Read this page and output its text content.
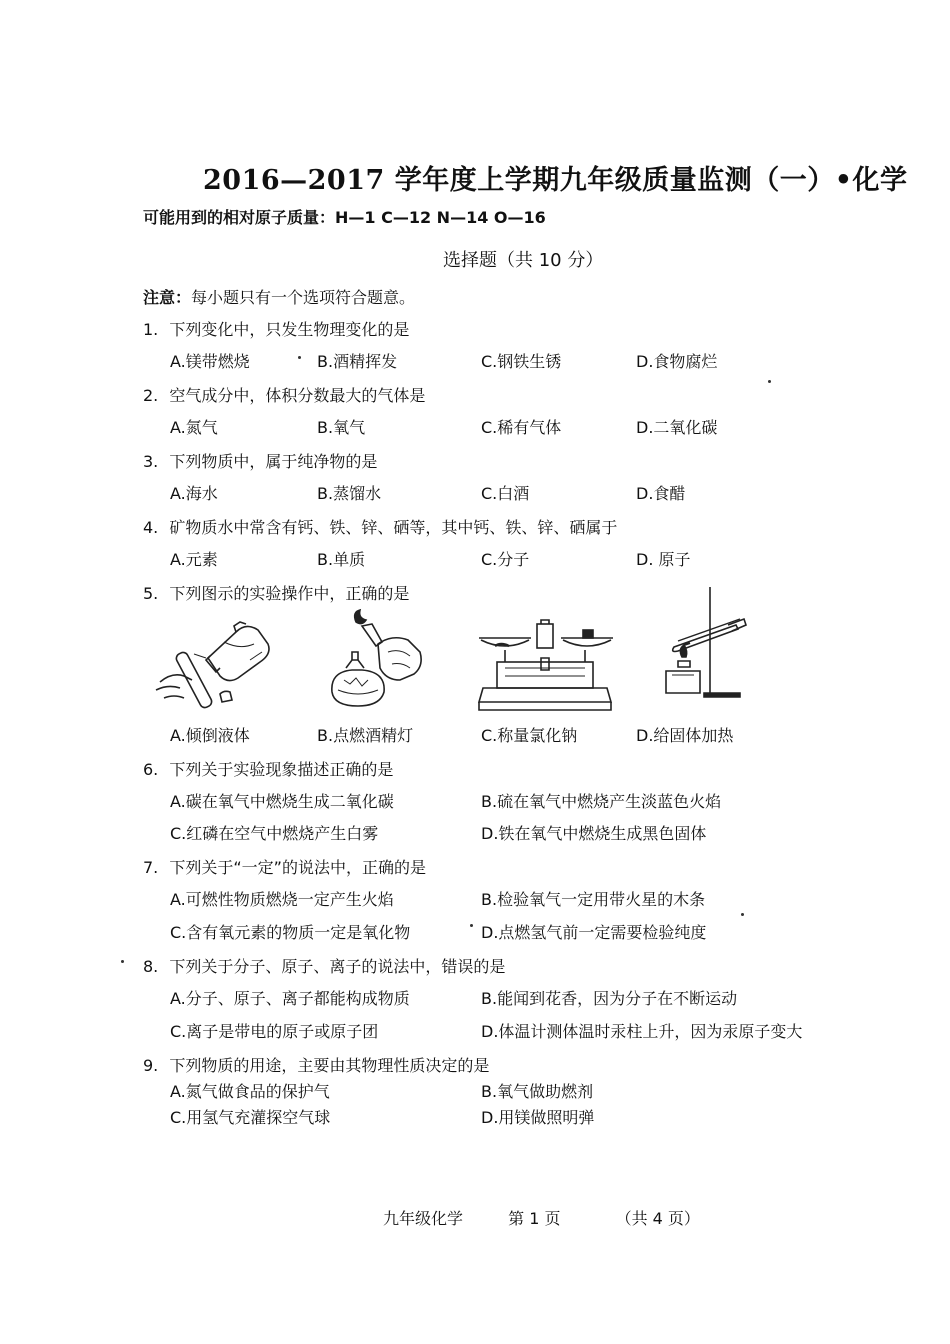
2016—2017 学年度上学期九年级质量监测（一）•化学
可能用到的相对原子质量：H—1 C—12 N—14 O—16
选择题（共 10 分）
注意：每小题只有一个选项符合题意。
1. 下列变化中，只发生物理变化的是
A.镁带燃烧	B.酒精挥发	C.钢铁生锈	D.食物腐烂
2. 空气成分中，体积分数最大的气体是
A.氮气	B.氧气	C.稀有气体	D.二氧化碳
3. 下列物质中，属于纯净物的是
A.海水	B.蒸馏水	C.白酒	D.食醋
4. 矿物质水中常含有钙、铁、锌、硒等，其中钙、铁、锌、硒属于
A.元素	B.单质	C.分子	D. 原子
5. 下列图示的实验操作中，正确的是
A.倾倒液体	B.点燃酒精灯	C.称量氯化钠	D.给固体加热
6. 下列关于实验现象描述正确的是
A.碳在氧气中燃烧生成二氧化碳	B.硫在氧气中燃烧产生淡蓝色火焰
C.红磷在空气中燃烧产生白雾	D.铁在氧气中燃烧生成黑色固体
7. 下列关于“一定”的说法中，正确的是
A.可燃性物质燃烧一定产生火焰	B.检验氧气一定用带火星的木条
C.含有氧元素的物质一定是氧化物	D.点燃氢气前一定需要检验纯度
8. 下列关于分子、原子、离子的说法中，错误的是
A.分子、原子、离子都能构成物质	B.能闻到花香，因为分子在不断运动
C.离子是带电的原子或原子团	D.体温计测体温时汞柱上升，因为汞原子变大
9. 下列物质的用途，主要由其物理性质决定的是
A.氮气做食品的保护气	B.氧气做助燃剂
C.用氢气充灌探空气球	D.用镁做照明弹
九年级化学	第 1 页	（共 4 页）
